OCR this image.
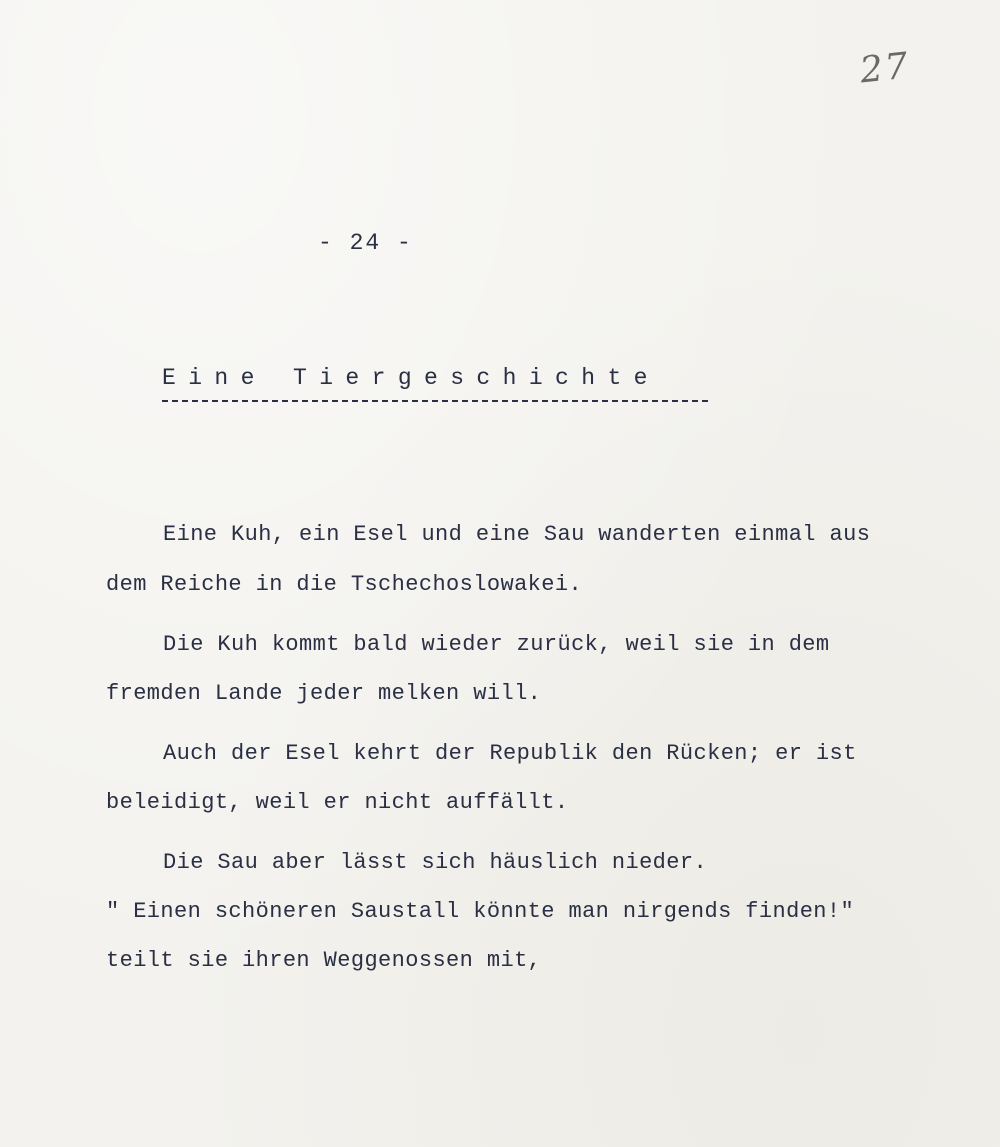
27
- 24 -
Eine Tiergeschichte
Eine Kuh, ein Esel und eine Sau wanderten einmal aus
dem Reiche in die Tschechoslowakei.
Die Kuh kommt bald wieder zurück, weil sie in dem
fremden Lande jeder melken will.
Auch der Esel kehrt der Republik den Rücken; er ist
beleidigt, weil er nicht auffällt.
Die Sau aber lässt sich häuslich nieder.
" Einen schöneren Saustall könnte man nirgends finden!"
teilt sie ihren Weggenossen mit,
